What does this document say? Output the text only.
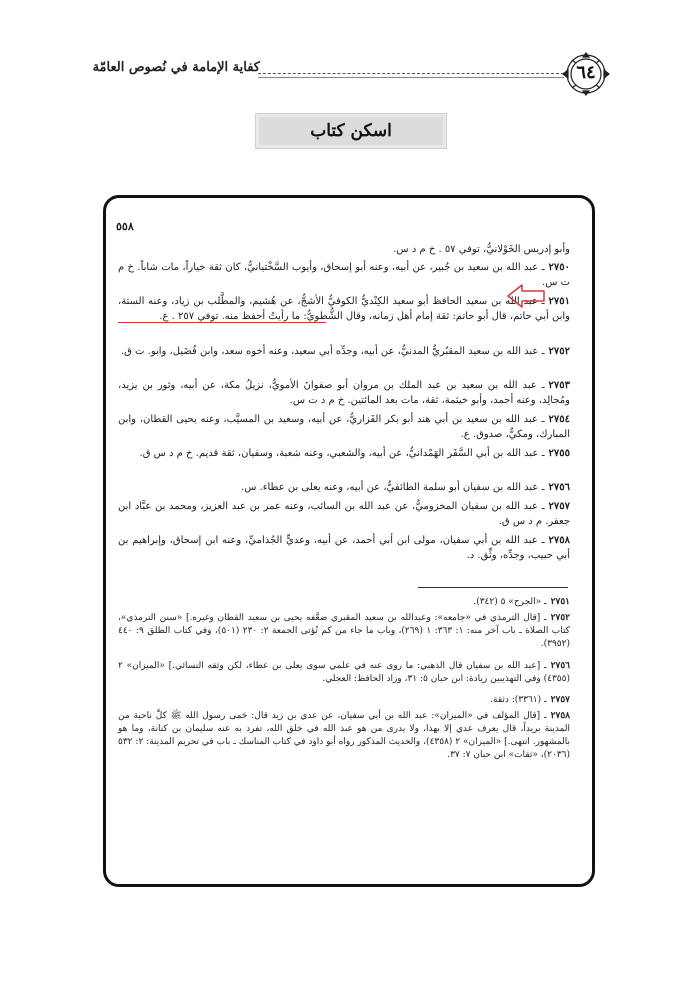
كفاية الإمامة في نُصوص العامّة	٦٤
اسكن كتاب
٥٥٨
وأبو إدريس الخَوْلانيُّ، توفي ٥٧ . خ م د س.
٢٧٥٠ـ عبد الله بن سعيد بن جُبير، عن أبيه، وعنه أبو إسحاق، وأيوب السَّخْتيانيُّ، كان ثقة خياراً، مات شاباً. خ م ت س.
٢٧٥١ـ عبد الله بن سعيد الحافظ أبو سعيد الكِنْديُّ الكوفيُّ الأشجُّ، عن هُشيم، والمطَّلب بن زياد، وعنه الستة، وابن أبي حاتم، قال أبو حاتم: ثقة إمام أهل زمانه، وقال الشُّطويُّ: ما رأيتُ أحفظ منه. توفي ٢٥٧ . ع.
٢٧٥٢ـ عبد الله بن سعيد المقبُريُّ المدنيُّ، عن أبيه، وجدِّه أبي سعيد، وعنه أخوه سعد، وابن فُضَيل، وابو. ت ق.
٢٧٥٣ـ عبد الله بن سعيد بن عبد الملك بن مروان أبو صفوانَ الأمويُّ، نزيلُ مكة، عن أبيه، وثور بن يزيد، ومُجالِد، وعنه أحمد، وأبو خيثمة، ثقة، مات بعد المائتين. خ م د ت س.
٢٧٥٤ـ عبد الله بن سعيد بن أبي هند أبو بكر الفَزاريُّ، عن أبيه، وسعيد بن المسيَّب، وعنه يحيى القطان، وابن المبارك، ومكيٌّ، صدوق. ع.
٢٧٥٥ـ عبد الله بن أبي السَّفَر الهَمْدانيُّ، عن أبيه، والشعبي، وعنه شعبة، وسفيان، ثقة قديم. خ م د س ق.
٢٧٥٦ـ عبد الله بن سفيان أبو سلمة الطائفيُّ، عن أبيه، وعنه يعلى بن عطاء. س.
٢٧٥٧ـ عبد الله بن سفيان المخزوميُّ، عن عبد الله بن السائب، وعنه عمر بن عبد العزيز، ومحمد بن عبَّاد ابن جعفر. م د س ق.
٢٧٥٨ـ عبد الله بن أبي سفيان، مولى ابن أبي أحمد، عن أبيه، وعديٍّ الجُذاميِّ، وعنه ابن إسحاق، وإبراهيم بن أبي حبيب، وجدِّه، وثِّق. د.
٢٧٥١ـ «الجرح» ٥ (٣٤٢).
٢٧٥٢ـ [قال الترمذي في «جامعه»: وعبدالله بن سعيد المقبري ضعَّفه يحيى بن سعيد القطان وغيره.] «سنن الترمذي»، كتاب الصلاة ـ باب آخر منه: ١: ٣٦٣: ١ (٢٦٩)، وباب ما جاء من كم تُؤتى الجمعة ٢: ٢٣٠ (٥٠١)، وفي كتاب الطلق ٩: ٤٤٠ (٣٩٥٢).
٢٧٥٦ـ [عبد الله بن سفيان قال الذهبي: ما روى عنه في علمي سوى يعلى بن عطاء، لكن وثقه النسائي.] «الميزان» ٢ (٤٣٥٥) وفي التهذيبين زيادة: ابن حبان ٥: ٣١، وزاد الحافظ: العجلي.
٢٧٥٧ـ (٣٣٦١): دثقة.
٢٧٥٨ـ [قال المؤلف في «الميزان»: عبد الله بن أبي سفيان، عن عدي بن زيد قال: حَمى رسول الله ﷺ كلَّ ناحية من المدينة بريداً، قال يعرف عدي إلا بهذا، ولا يدرى من هو عبد الله في خلق الله، تفرد به عنه سليمان بن كنانة، وما هو بالمشهور. انتهى.] «الميزان» ٢ (٤٣٥٨)، والحديث المذكور رواه أبو داود في كتاب المناسك ـ باب في تحريم المدينة: ٢: ٥٣٢ (٢٠٣٦)، «ثقات» ابن حبان ٧: ٣٧.
